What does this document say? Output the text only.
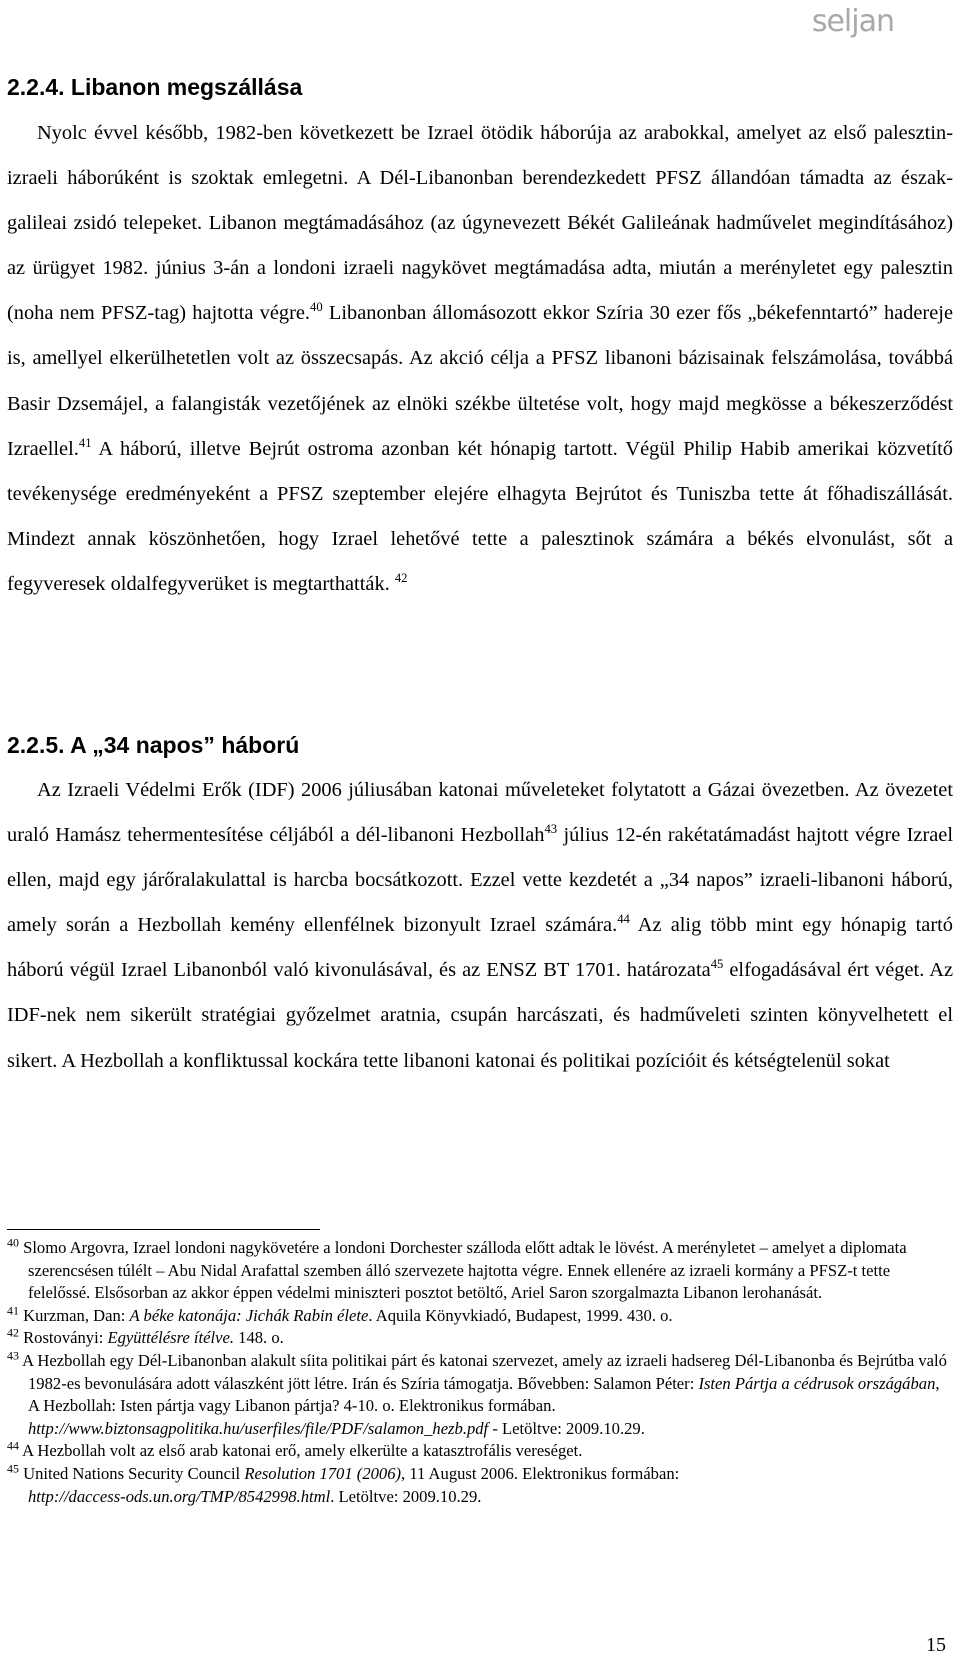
seljan
2.2.4. Libanon megszállása

Nyolc évvel később, 1982-ben következett be Izrael ötödik háborúja az arabokkal, amelyet az első palesztin-izraeli háborúként is szoktak emlegetni. A Dél-Libanonban berendezkedett PFSZ állandóan támadta az észak-galileai zsidó telepeket. Libanon megtámadásához (az úgynevezett Békét Galileának hadművelet megindításához) az ürügyet 1982. június 3-án a londoni izraeli nagykövet megtámadása adta, miután a merényletet egy palesztin (noha nem PFSZ-tag) hajtotta végre.$^{40}$ Libanonban állomásozott ekkor Szíria 30 ezer fős „békefenntartó” hadereje is, amellyel elkerülhetetlen volt az összecsapás. Az akció célja a PFSZ libanoni bázisainak felszámolása, továbbá Basir Dzsemájel, a falangisták vezetőjének az elnöki székbe ültetése volt, hogy majd megkösse a békeszerződést Izraellel.$^{41}$ A háború, illetve Bejrút ostroma azonban két hónapig tartott. Végül Philip Habib amerikai közvetítő tevékenysége eredményeként a PFSZ szeptember elejére elhagyta Bejrútot és Tuniszba tette át főhadiszállását. Mindezt annak köszönhetően, hogy Izrael lehetővé tette a palesztinok számára a békés elvonulást, sőt a fegyveresek oldalfegyverüket is megtarthatták. $^{42}$

2.2.5. A „34 napos” háború

Az Izraeli Védelmi Erők (IDF) 2006 júliusában katonai műveleteket folytatott a Gázai övezetben. Az övezetet uraló Hamász tehermentesítése céljából a dél-libanoni Hezbollah$^{43}$ július 12-én rakétatámadást hajtott végre Izrael ellen, majd egy járőralakulattal is harcba bocsátkozott. Ezzel vette kezdetét a „34 napos” izraeli-libanoni háború, amely során a Hezbollah kemény ellenfélnek bizonyult Izrael számára.$^{44}$ Az alig több mint egy hónapig tartó háború végül Izrael Libanonból való kivonulásával, és az ENSZ BT 1701. határozata$^{45}$ elfogadásával ért véget. Az IDF-nek nem sikerült stratégiai győzelmet aratnia, csupán harcászati, és hadműveleti szinten könyvelhetett el sikert. A Hezbollah a konfliktussal kockára tette libanoni katonai és politikai pozícióit és kétségtelenül sokat

$^{40}$ Slomo Argovra, Izrael londoni nagykövetére a londoni Dorchester szálloda előtt adtak le lövést. A merényletet – amelyet a diplomata szerencsésen túlélt – Abu Nidal Arafattal szemben álló szervezete hajtotta végre. Ennek ellenére az izraeli kormány a PFSZ-t tette felelőssé. Elsősorban az akkor éppen védelmi miniszteri posztot betöltő, Ariel Saron szorgalmazta Libanon lerohanását.

$^{41}$ Kurzman, Dan: A béke katonája: Jichák Rabin élete. Aquila Könyvkiadó, Budapest, 1999. 430. o.

$^{42}$ Rostoványi: Együttélésre ítélve. 148. o.

$^{43}$ A Hezbollah egy Dél-Libanonban alakult síita politikai párt és katonai szervezet, amely az izraeli hadsereg Dél-Libanonba és Bejrútba való 1982-es bevonulására adott válaszként jött létre. Irán és Szíria támogatja. Bővebben: Salamon Péter: Isten Pártja a cédrusok országában, A Hezbollah: Isten pártja vagy Libanon pártja? 4-10. o. Elektronikus formában.
http://www.biztonsagpolitika.hu/userfiles/file/PDF/salamon_hezb.pdf - Letöltve: 2009.10.29.

$^{44}$ A Hezbollah volt az első arab katonai erő, amely elkerülte a katasztrofális vereséget.

$^{45}$ United Nations Security Council Resolution 1701 (2006), 11 August 2006. Elektronikus formában:
http://daccess-ods.un.org/TMP/8542998.html. Letöltve: 2009.10.29.

15
